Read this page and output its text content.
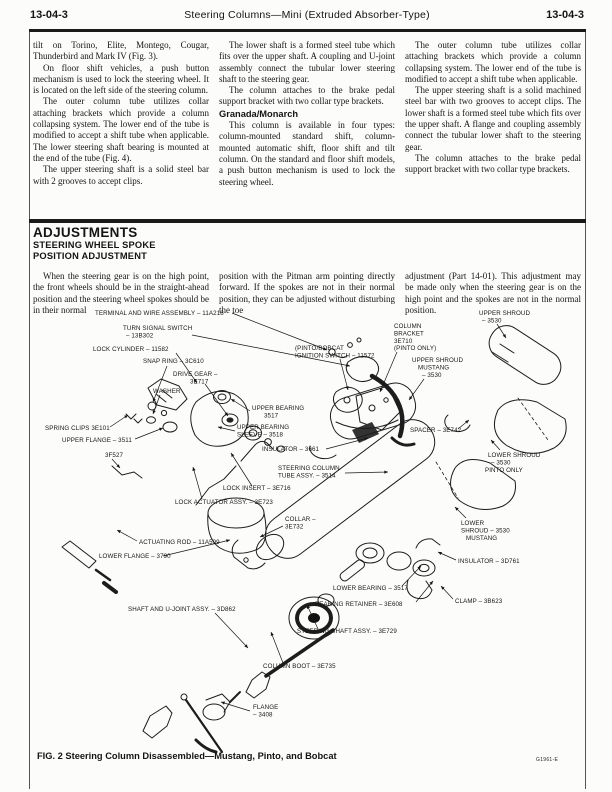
13-04-3	Steering Columns—Mini (Extruded Absorber-Type)	13-04-3

tilt on Torino, Elite, Montego, Cougar, Thunderbird and Mark IV (Fig. 3).

On floor shift vehicles, a push button mechanism is used to lock the steering wheel. It is located on the left side of the steering column.

The outer column tube utilizes collar attaching brackets which provide a column collapsing system. The lower end of the tube is modified to accept a shift tube when applicable. The lower steering shaft bearing is mounted at the end of the tube (Fig. 4).

The upper steering shaft is a solid steel bar with 2 grooves to accept clips.

The lower shaft is a formed steel tube which fits over the upper shaft. A coupling and U-joint assembly connect the tubular lower steering shaft to the steering gear.

The column attaches to the brake pedal support bracket with two collar type brackets.

Granada/Monarch

This column is available in four types: column-mounted standard shift, column-mounted automatic shift, floor shift and tilt column. On the standard and floor shift models, a push button mechanism is used to lock the steering wheel.

The outer column tube utilizes collar attaching brackets which provide a column collapsing system. The lower end of the tube is modified to accept a shift tube when applicable.

The upper steering shaft is a solid machined steel bar with two grooves to accept clips. The lower shaft is a formed steel tube which fits over the upper shaft. A flange and coupling assembly connect the tubular lower shaft to the steering gear.

The column attaches to the brake pedal support bracket with two collar type brackets.

ADJUSTMENTS
STEERING WHEEL SPOKE
POSITION ADJUSTMENT

When the steering gear is on the high point, the front wheels should be in the straight-ahead position and the steering wheel spokes should be in their normal

position with the Pitman arm pointing directly forward. If the spokes are not in their normal position, they can be adjusted without disturbing the toe

adjustment (Part 14-01). This adjustment may be made only when the steering gear is on the high point and the spokes are not in the normal position.

TERMINAL AND WIRE ASSEMBLY – 11A218
TURN SIGNAL SWITCH
– 13B302
LOCK CYLINDER – 11582
SNAP RING – 3C610
DRIVE GEAR –
3E717
WASHER
UPPER BEARING
3517
(PINTO/BOBCAT
IGNITION SWITCH – 11572
COLUMN
BRACKET
3E710
(PINTO ONLY)
UPPER SHROUD
MUSTANG
– 3530
UPPER SHROUD
– 3530
SPACER – 3E742
LOWER SHROUD
– 3530
PINTO ONLY
SPRING CLIPS 3E101
UPPER FLANGE – 3511
3F527
UPPER BEARING
SLEEVE – 3518
INSULATOR – 3661
STEERING COLUMN
TUBE ASSY. – 3514
LOCK INSERT – 3E716
LOCK ACTUATOR ASSY. – 3E723
COLLAR –
3E732	LOWER
SHROUD – 3530
MUSTANG
INSULATOR – 3D761
LOWER BEARING – 3517
BEARING RETAINER – 3E608	CLAMP – 3B623
ACTUATING ROD – 11A599
LOWER FLANGE – 3790
SHAFT AND U-JOINT ASSY. – 3D862
STEERING SHAFT ASSY. – 3E729
COLUMN BOOT – 3E735
FLANGE
– 3408
FIG. 2 Steering Column Disassembled—Mustang, Pinto, and Bobcat	G1961-E
